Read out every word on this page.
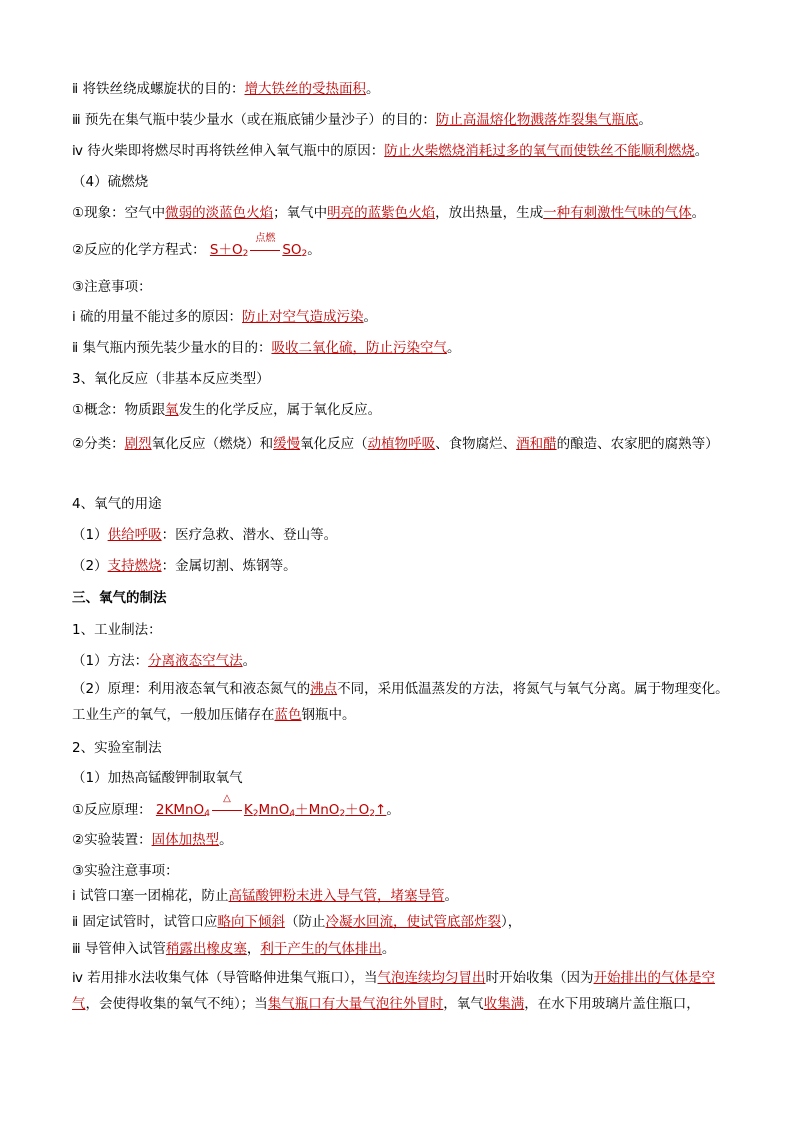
ⅱ 将铁丝绕成螺旋状的目的：增大铁丝的受热面积。
ⅲ 预先在集气瓶中装少量水（或在瓶底铺少量沙子）的目的：防止高温熔化物溅落炸裂集气瓶底。
ⅳ 待火柴即将燃尽时再将铁丝伸入氧气瓶中的原因：防止火柴燃烧消耗过多的氧气而使铁丝不能顺利燃烧。
（4）硫燃烧
①现象：空气中微弱的淡蓝色火焰；氧气中明亮的蓝紫色火焰，放出热量，生成一种有刺激性气味的气体。
②反应的化学方程式： $S+O_2$
点燃
$SO_2$。
③注意事项：
ⅰ 硫的用量不能过多的原因：防止对空气造成污染。
ⅱ 集气瓶内预先装少量水的目的：吸收二氧化硫，防止污染空气。
3、氧化反应（非基本反应类型）
①概念：物质跟氧发生的化学反应，属于氧化反应。
②分类：剧烈氧化反应（燃烧）和缓慢氧化反应（动植物呼吸、食物腐烂、酒和醋的酿造、农家肥的腐熟等）
4、氧气的用途
（1）供给呼吸：医疗急救、潜水、登山等。
（2）支持燃烧：金属切割、炼钢等。
三、氧气的制法
1、工业制法：
（1）方法：分离液态空气法。
（2）原理：利用液态氧气和液态氮气的沸点不同，采用低温蒸发的方法，将氮气与氧气分离。属于物理变化。工业生产的氧气，一般加压储存在蓝色钢瓶中。
2、实验室制法
（1）加热高锰酸钾制取氧气
①反应原理： 2KMnO$_4$
△
$K_2MnO_4+MnO_2+O_2↑$。
②实验装置：固体加热型。
③实验注意事项：
ⅰ 试管口塞一团棉花，防止高锰酸钾粉末进入导气管，堵塞导管。
ⅱ 固定试管时，试管口应略向下倾斜（防止冷凝水回流，使试管底部炸裂），
ⅲ 导管伸入试管稍露出橡皮塞，利于产生的气体排出。
ⅳ 若用排水法收集气体（导管略伸进集气瓶口），当气泡连续均匀冒出时开始收集（因为开始排出的气体是空气，会使得收集的氧气不纯）；当集气瓶口有大量气泡往外冒时，氧气收集满，在水下用玻璃片盖住瓶口，
